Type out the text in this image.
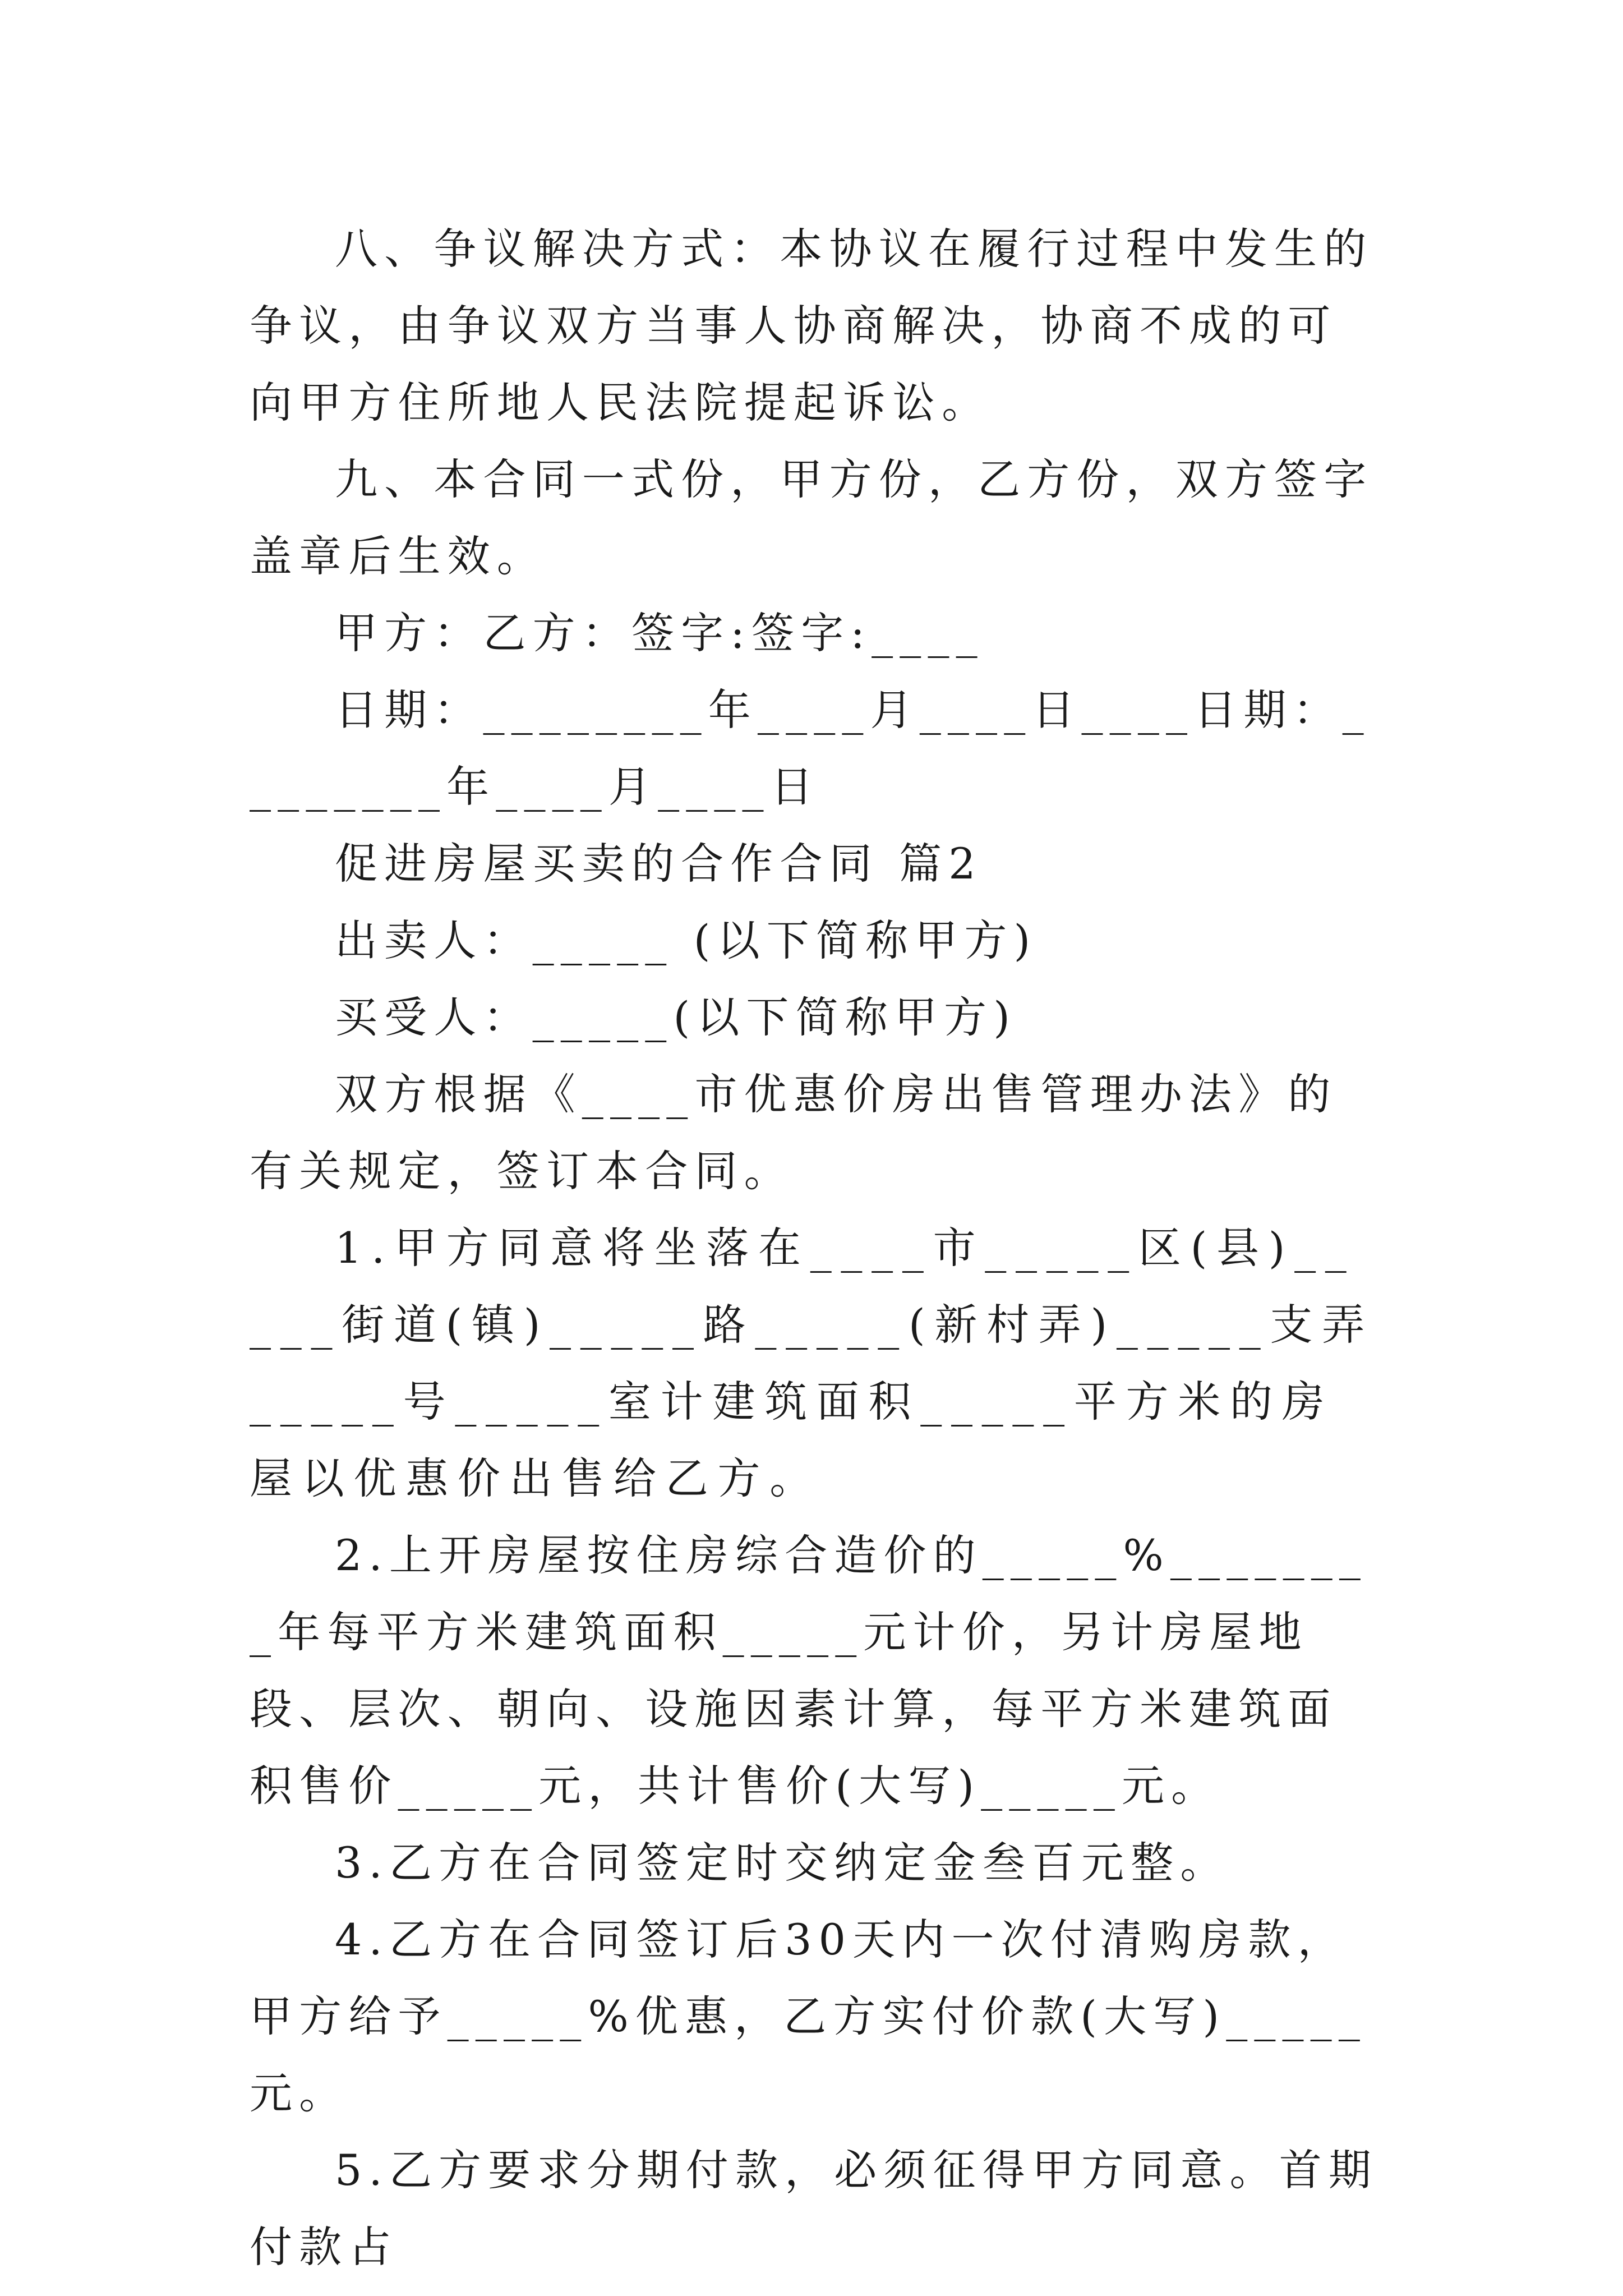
八、争议解决方式：本协议在履行过程中发生的争议，由争议双方当事人协商解决，协商不成的可向甲方住所地人民法院提起诉讼。

九、本合同一式份，甲方份，乙方份，双方签字盖章后生效。

甲方：乙方：签字:签字:____

日期：________年____月____日____日期：________年____月____日

促进房屋买卖的合作合同 篇2

出卖人：_____ (以下简称甲方)

买受人：_____(以下简称甲方)

双方根据《____市优惠价房出售管理办法》的有关规定，签订本合同。

1.甲方同意将坐落在____市_____区(县)_____街道(镇)_____路_____(新村弄)_____支弄_____号_____室计建筑面积_____平方米的房屋以优惠价出售给乙方。

2.上开房屋按住房综合造价的_____%________年每平方米建筑面积_____元计价，另计房屋地段、层次、朝向、设施因素计算，每平方米建筑面积售价_____元，共计售价(大写)_____元。

3.乙方在合同签定时交纳定金叁百元整。

4.乙方在合同签订后30天内一次付清购房款，甲方给予_____%优惠，乙方实付价款(大写)_____元。

5.乙方要求分期付款，必须征得甲方同意。首期付款占
